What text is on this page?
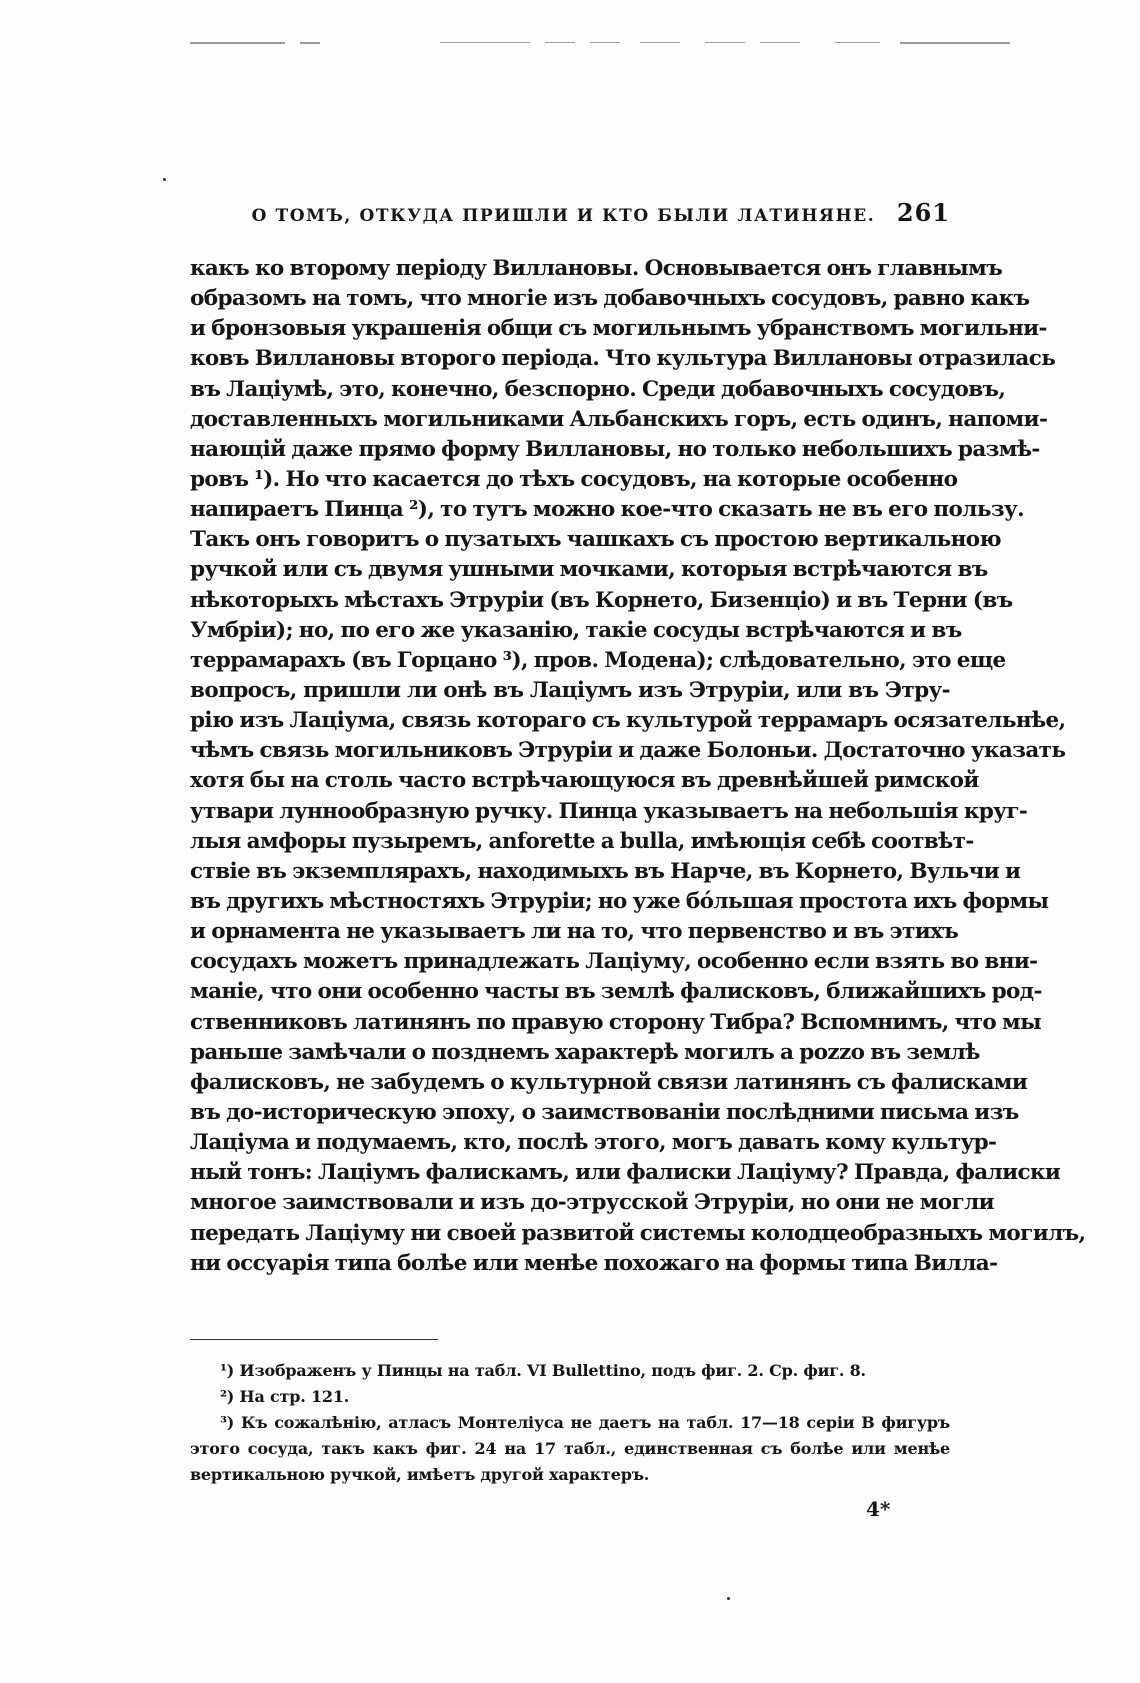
О ТОМЪ, ОТКУДА ПРИШЛИ И КТО БЫЛИ ЛАТИНЯНЕ. 261
какъ ко второму періоду Виллановы. Основывается онъ главнымъ
образомъ на томъ, что многіе изъ добавочныхъ сосудовъ, равно какъ
и бронзовыя украшенія общи съ могильнымъ убранствомъ могильни-
ковъ Виллановы второго періода. Что культура Виллановы отразилась
въ Лаціумѣ, это, конечно, безспорно. Среди добавочныхъ сосудовъ,
доставленныхъ могильниками Альбанскихъ горъ, есть одинъ, напоми-
нающій даже прямо форму Виллановы, но только небольшихъ размѣ-
ровъ ¹). Но что касается до тѣхъ сосудовъ, на которые особенно
напираетъ Пинца ²), то тутъ можно кое-что сказать не въ его пользу.
Такъ онъ говоритъ о пузатыхъ чашкахъ съ простою вертикальною
ручкой или съ двумя ушными мочками, которыя встрѣчаются въ
нѣкоторыхъ мѣстахъ Этруріи (въ Корнето, Бизенціо) и въ Терни (въ
Умбріи); но, по его же указанію, такіе сосуды встрѣчаются и въ
террамарахъ (въ Горцано ³), пров. Модена); слѣдовательно, это еще
вопросъ, пришли ли онѣ въ Лаціумъ изъ Этруріи, или въ Этру-
рію изъ Лаціума, связь котораго съ культурой террамаръ осязательнѣе,
чѣмъ связь могильниковъ Этруріи и даже Болоньи. Достаточно указать
хотя бы на столь часто встрѣчающуюся въ древнѣйшей римской
утвари луннообразную ручку. Пинца указываетъ на небольшія круг-
лыя амфоры пузыремъ, anforette a bulla, имѣющія себѣ соотвѣт-
ствіе въ экземплярахъ, находимыхъ въ Нарче, въ Корнето, Вульчи и
въ другихъ мѣстностяхъ Этруріи; но уже бо́льшая простота ихъ формы
и орнамента не указываетъ ли на то, что первенство и въ этихъ
сосудахъ можетъ принадлежать Лаціуму, особенно если взять во вни-
маніе, что они особенно часты въ землѣ фалисковъ, ближайшихъ род-
ственниковъ латинянъ по правую сторону Тибра? Вспомнимъ, что мы
раньше замѣчали о позднемъ характерѣ могилъ a pozzo въ землѣ
фалисковъ, не забудемъ о культурной связи латинянъ съ фалисками
въ до-историческую эпоху, о заимствованіи послѣдними письма изъ
Лаціума и подумаемъ, кто, послѣ этого, могъ давать кому культур-
ный тонъ: Лаціумъ фалискамъ, или фалиски Лаціуму? Правда, фалиски
многое заимствовали и изъ до-этрусской Этруріи, но они не могли
передать Лаціуму ни своей развитой системы колодцеобразныхъ могилъ,
ни оссуарія типа болѣе или менѣе похожаго на формы типа Вилла-
¹) Изображенъ у Пинцы на табл. VI Bullettino, подъ фиг. 2. Ср. фиг. 8.
²) На стр. 121.
³) Къ сожалѣнію, атласъ Монтеліуса не даетъ на табл. 17—18 серіи В фигуръ
этого сосуда, такъ какъ фиг. 24 на 17 табл., единственная съ болѣе или менѣе
вертикальною ручкой, имѣетъ другой характеръ.
4*
